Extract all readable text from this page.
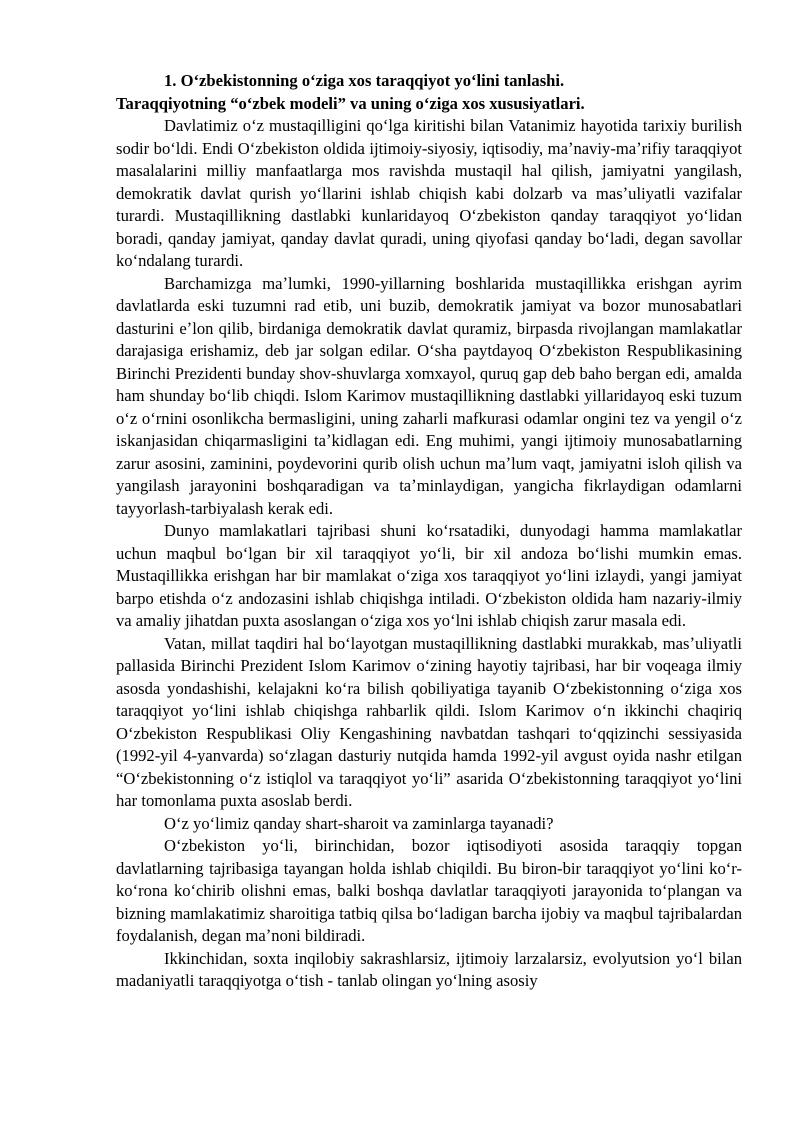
1. Oʻzbekistonning oʻziga xos taraqqiyot yoʻlini tanlashi.
Taraqqiyotning “oʻzbek modeli” va uning oʻziga xos xususiyatlari.

Davlatimiz oʻz mustaqilligini qoʻlga kiritishi bilan Vatanimiz hayotida tarixiy burilish sodir boʻldi. Endi Oʻzbekiston oldida ijtimoiy-siyosiy, iqtisodiy, maʼnaviy-maʼrifiy taraqqiyot masalalarini milliy manfaatlarga mos ravishda mustaqil hal qilish, jamiyatni yangilash, demokratik davlat qurish yoʻllarini ishlab chiqish kabi dolzarb va masʼuliyatli vazifalar turardi. Mustaqillikning dastlabki kunlaridayoq Oʻzbekiston qanday taraqqiyot yoʻlidan boradi, qanday jamiyat, qanday davlat quradi, uning qiyofasi qanday boʻladi, degan savollar koʻndalang turardi.

Barchamizga maʼlumki, 1990-yillarning boshlarida mustaqillikka erishgan ayrim davlatlarda eski tuzumni rad etib, uni buzib, demokratik jamiyat va bozor munosabatlari dasturini eʼlon qilib, birdaniga demokratik davlat quramiz, birpasda rivojlangan mamlakatlar darajasiga erishamiz, deb jar solgan edilar. Oʻsha paytdayoq Oʻzbekiston Respublikasining Birinchi Prezidenti bunday shov-shuvlarga xomxayol, quruq gap deb baho bergan edi, amalda ham shunday boʻlib chiqdi. Islom Karimov mustaqillikning dastlabki yillaridayoq eski tuzum oʻz oʻrnini osonlikcha bermasligini, uning zaharli mafkurasi odamlar ongini tez va yengil oʻz iskanjasidan chiqarmasligini taʼkidlagan edi. Eng muhimi, yangi ijtimoiy munosabatlarning zarur asosini, zaminini, poydevorini qurib olish uchun maʼlum vaqt, jamiyatni isloh qilish va yangilash jarayonini boshqaradigan va taʼminlaydigan, yangicha fikrlaydigan odamlarni tayyorlash-tarbiyalash kerak edi.

Dunyo mamlakatlari tajribasi shuni koʻrsatadiki, dunyodagi hamma mamlakatlar uchun maqbul boʻlgan bir xil taraqqiyot yoʻli, bir xil andoza boʻlishi mumkin emas. Mustaqillikka erishgan har bir mamlakat oʻziga xos taraqqiyot yoʻlini izlaydi, yangi jamiyat barpo etishda oʻz andozasini ishlab chiqishga intiladi. Oʻzbekiston oldida ham nazariy-ilmiy va amaliy jihatdan puxta asoslangan oʻziga xos yoʻlni ishlab chiqish zarur masala edi.

Vatan, millat taqdiri hal boʻlayotgan mustaqillikning dastlabki murakkab, masʼuliyatli pallasida Birinchi Prezident Islom Karimov oʻzining hayotiy tajribasi, har bir voqeaga ilmiy asosda yondashishi, kelajakni koʻra bilish qobiliyatiga tayanib Oʻzbekistonning oʻziga xos taraqqiyot yoʻlini ishlab chiqishga rahbarlik qildi. Islom Karimov oʻn ikkinchi chaqiriq Oʻzbekiston Respublikasi Oliy Kengashining navbatdan tashqari toʻqqizinchi sessiyasida (1992-yil 4-yanvarda) soʻzlagan dasturiy nutqida hamda 1992-yil avgust oyida nashr etilgan “Oʻzbekistonning oʻz istiqlol va taraqqiyot yoʻli” asarida Oʻzbekistonning taraqqiyot yoʻlini har tomonlama puxta asoslab berdi.

Oʻz yoʻlimiz qanday shart-sharoit va zaminlarga tayanadi?

Oʻzbekiston yoʻli, birinchidan, bozor iqtisodiyoti asosida taraqqiy topgan davlatlarning tajribasiga tayangan holda ishlab chiqildi. Bu biron-bir taraqqiyot yoʻlini koʻr-koʻrona koʻchirib olishni emas, balki boshqa davlatlar taraqqiyoti jarayonida toʻplangan va bizning mamlakatimiz sharoitiga tatbiq qilsa boʻladigan barcha ijobiy va maqbul tajribalardan foydalanish, degan maʼnoni bildiradi.

Ikkinchidan, soxta inqilobiy sakrashlarsiz, ijtimoiy larzalarsiz, evolyutsion yoʻl bilan madaniyatli taraqqiyotga oʻtish - tanlab olingan yoʻlning asosiy
